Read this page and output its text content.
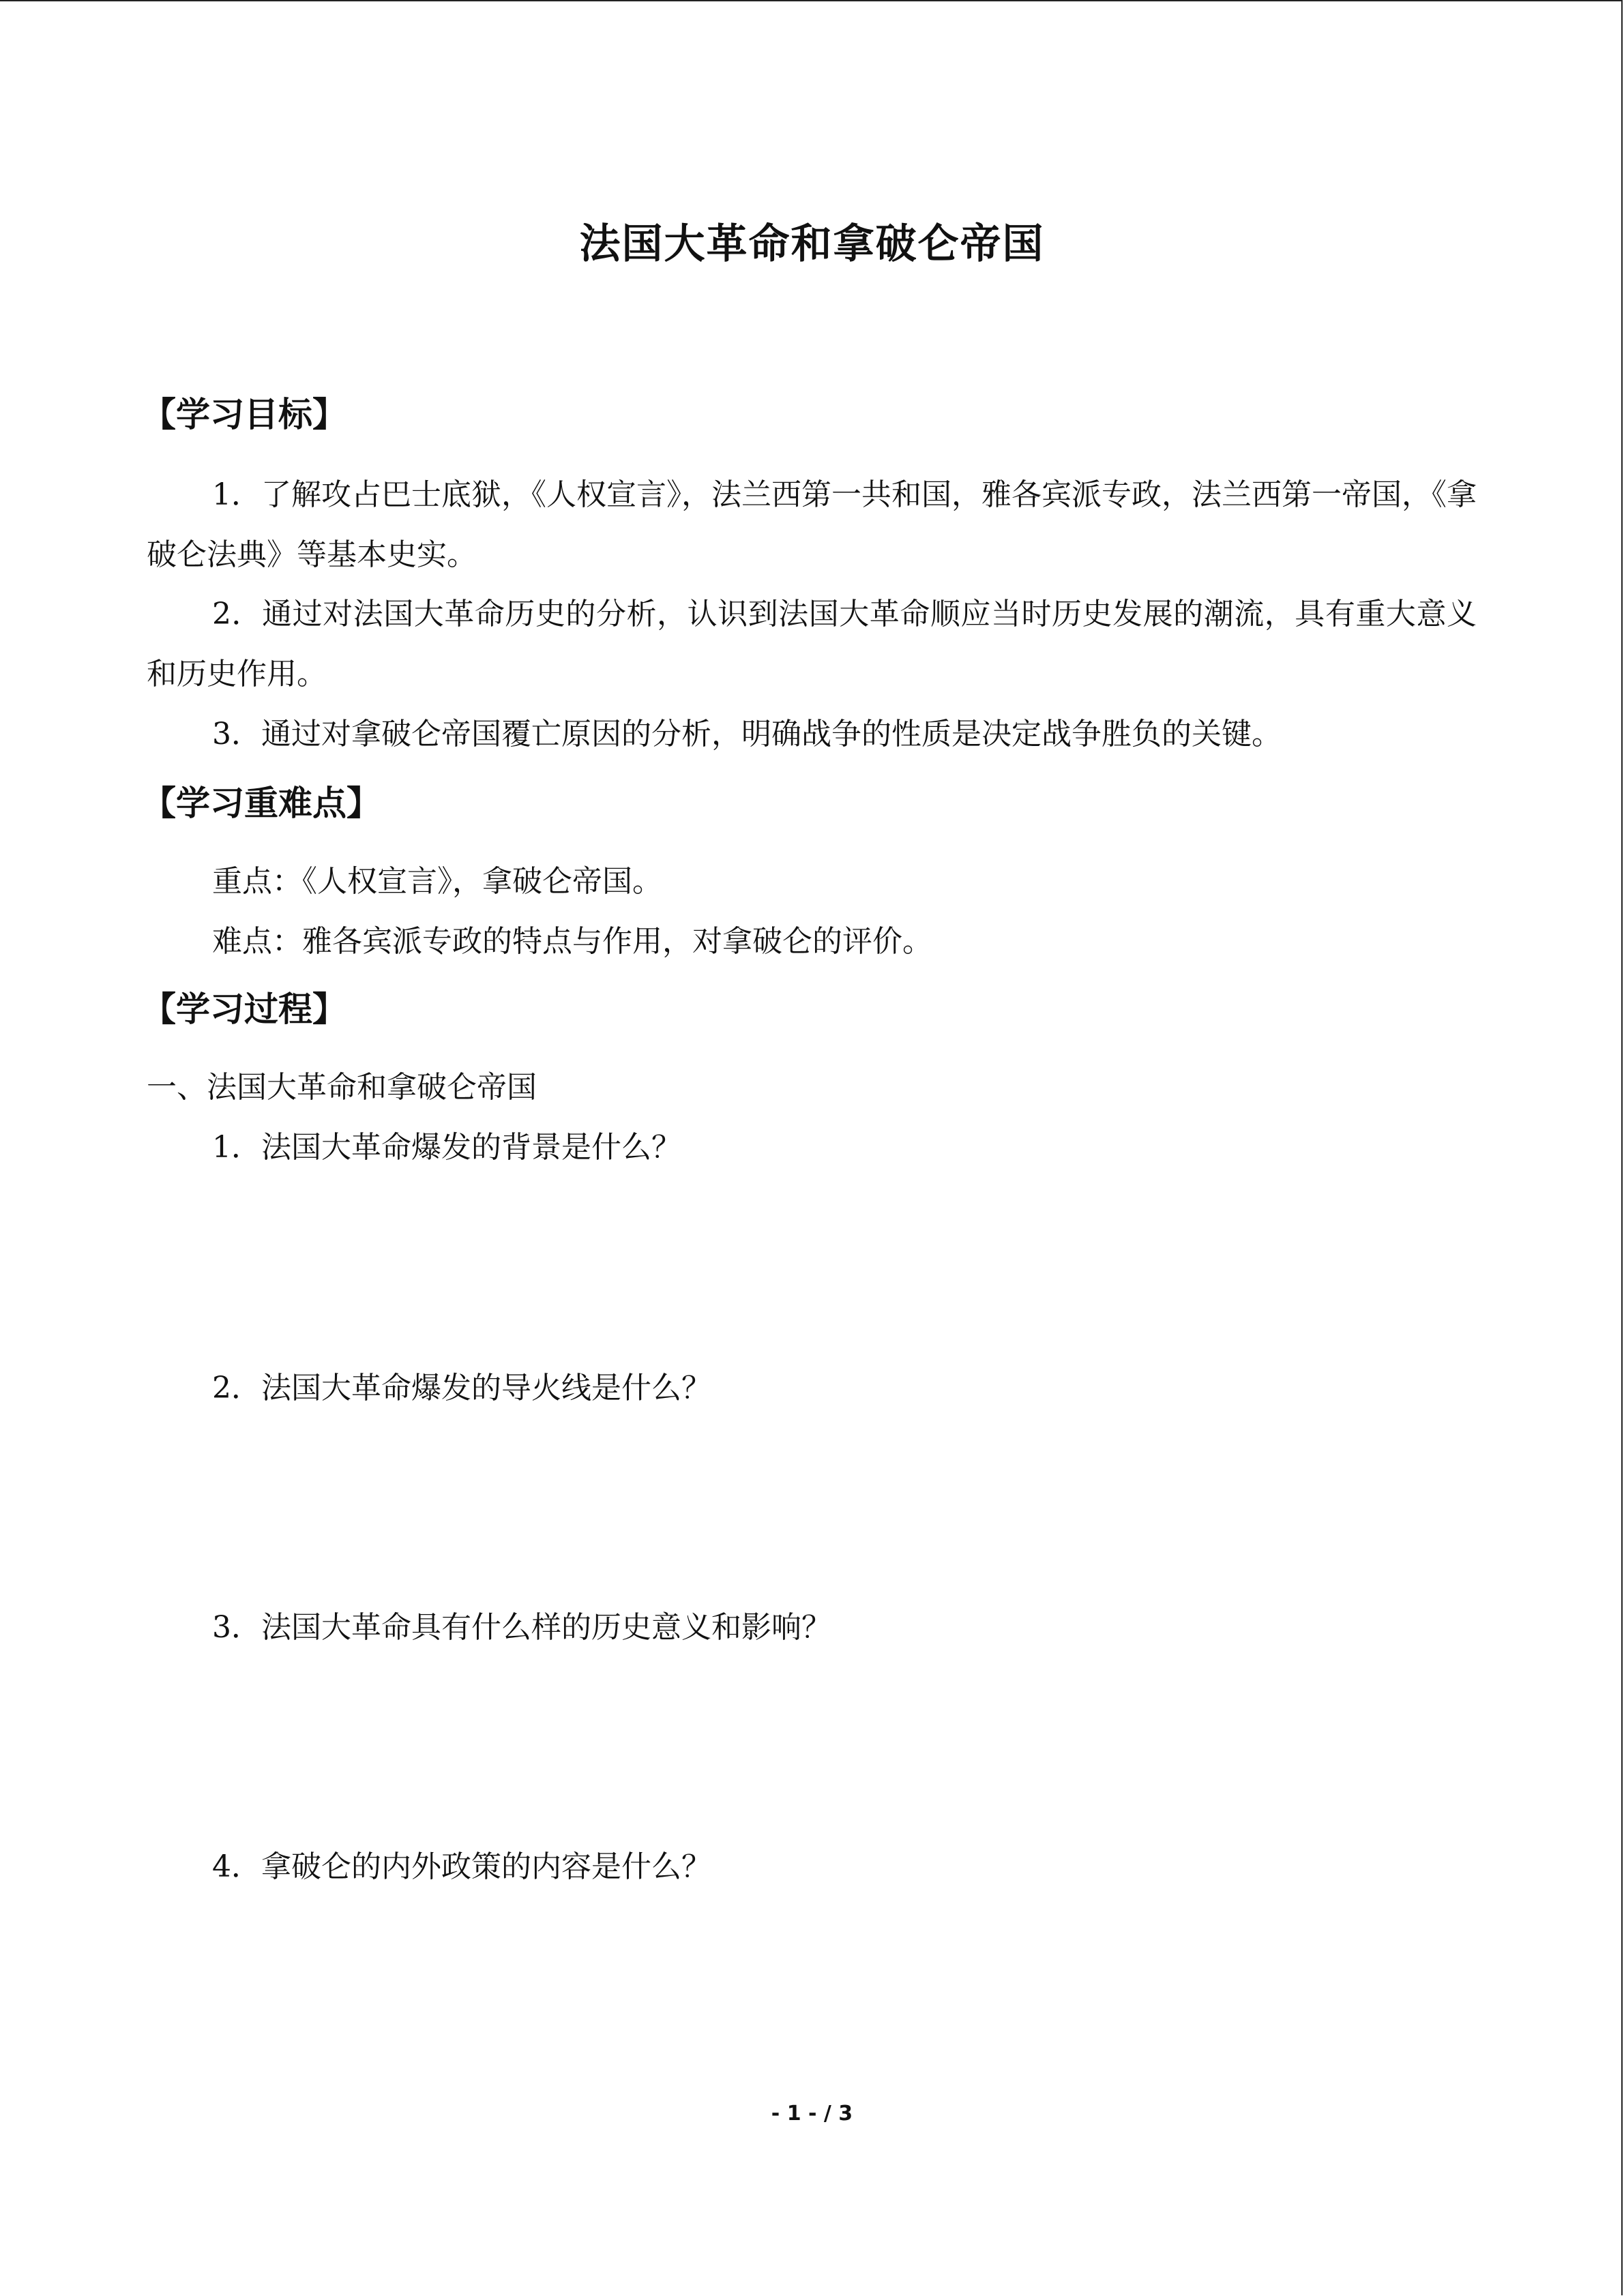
法国大革命和拿破仑帝国
【学习目标】

1．了解攻占巴士底狱，《人权宣言》，法兰西第一共和国，雅各宾派专政，法兰西第一帝国，《拿破仑法典》等基本史实。

2．通过对法国大革命历史的分析，认识到法国大革命顺应当时历史发展的潮流，具有重大意义和历史作用。

3．通过对拿破仑帝国覆亡原因的分析，明确战争的性质是决定战争胜负的关键。

【学习重难点】

重点：《人权宣言》，拿破仑帝国。

难点：雅各宾派专政的特点与作用，对拿破仑的评价。

【学习过程】

一、法国大革命和拿破仑帝国

1．法国大革命爆发的背景是什么？

2．法国大革命爆发的导火线是什么？

3．法国大革命具有什么样的历史意义和影响？

4．拿破仑的内外政策的内容是什么？

- 1 - / 3
